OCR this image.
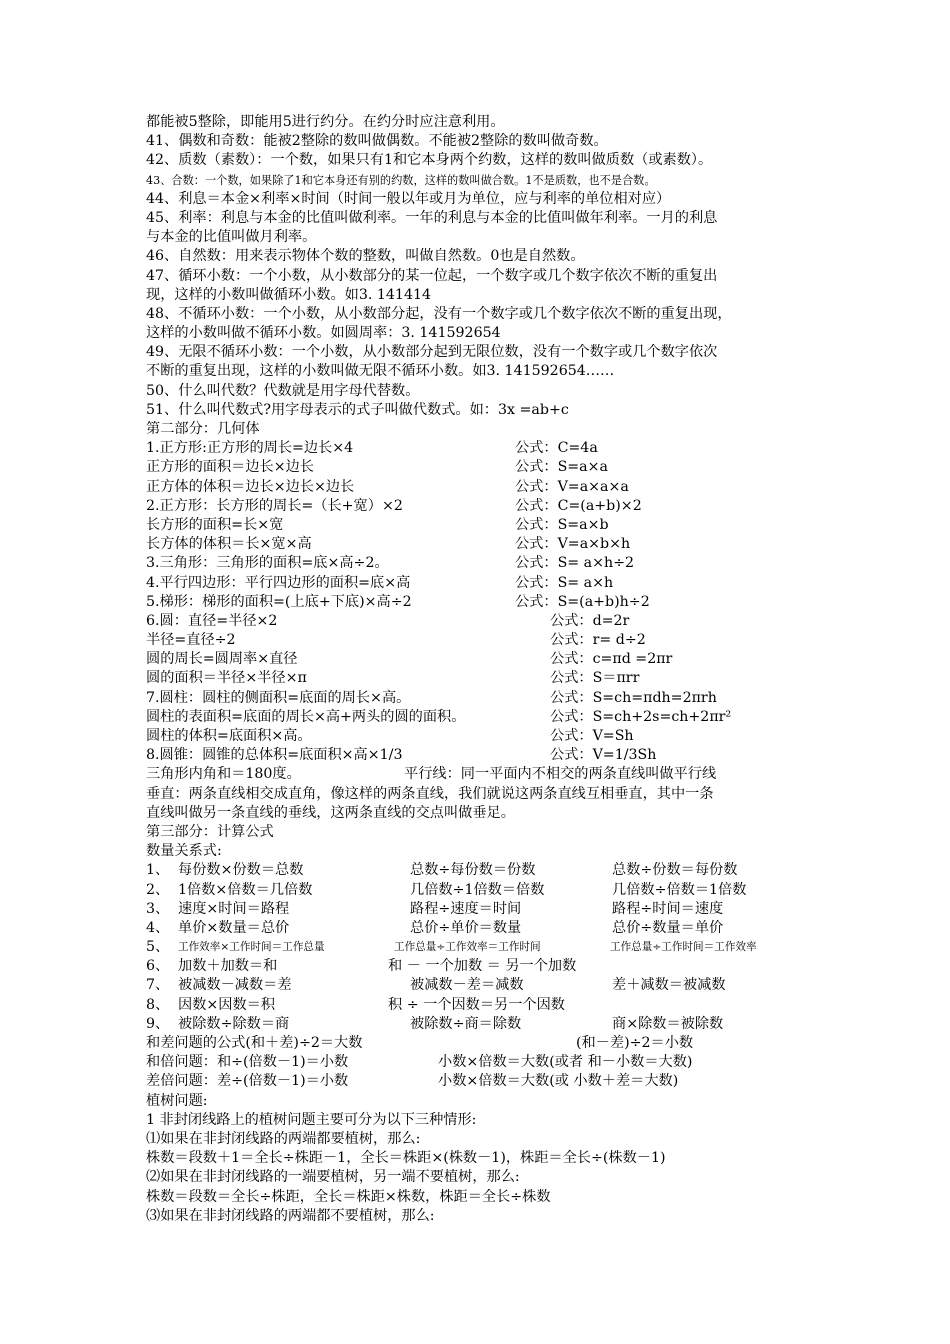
都能被5整除，即能用5进行约分。在约分时应注意利用。
41、偶数和奇数：能被2整除的数叫做偶数。不能被2整除的数叫做奇数。
42、质数（素数）：一个数，如果只有1和它本身两个约数，这样的数叫做质数（或素数）。
43、合数：一个数，如果除了1和它本身还有别的约数，这样的数叫做合数。1不是质数，也不是合数。
44、利息＝本金×利率×时间（时间一般以年或月为单位，应与利率的单位相对应）
45、利率：利息与本金的比值叫做利率。一年的利息与本金的比值叫做年利率。一月的利息
与本金的比值叫做月利率。
46、自然数：用来表示物体个数的整数，叫做自然数。0也是自然数。
47、循环小数：一个小数，从小数部分的某一位起，一个数字或几个数字依次不断的重复出
现，这样的小数叫做循环小数。如3. 141414
48、不循环小数：一个小数，从小数部分起，没有一个数字或几个数字依次不断的重复出现，
这样的小数叫做不循环小数。如圆周率：3. 141592654
49、无限不循环小数：一个小数，从小数部分起到无限位数，没有一个数字或几个数字依次
不断的重复出现，这样的小数叫做无限不循环小数。如3. 141592654……
50、什么叫代数？代数就是用字母代替数。
51、什么叫代数式?用字母表示的式子叫做代数式。如：3x =ab+c
第二部分：几何体
1.正方形:正方形的周长=边长×4	公式：C=4a
正方形的面积＝边长×边长	公式：S=a×a
正方体的体积＝边长×边长×边长	公式：V=a×a×a
2.正方形：长方形的周长=（长+宽）×2	公式：C=(a+b)×2
长方形的面积=长×宽	公式：S=a×b
长方体的体积＝长×宽×高	公式：V=a×b×h
3.三角形：三角形的面积=底×高÷2。	公式：S= a×h÷2
4.平行四边形：平行四边形的面积=底×高	公式：S= a×h
5.梯形：梯形的面积=(上底+下底)×高÷2	公式：S=(a+b)h÷2
6.圆：直径=半径×2	公式：d=2r
半径=直径÷2	公式：r= d÷2
圆的周长=圆周率×直径	公式：c=πd =2πr
圆的面积＝半径×半径×π	公式：S＝πrr
7.圆柱：圆柱的侧面积=底面的周长×高。	公式：S=ch=πdh=2πrh
圆柱的表面积=底面的周长×高+两头的圆的面积。	公式：S=ch+2s=ch+2πr²
圆柱的体积=底面积×高。	公式：V=Sh
8.圆锥：圆锥的总体积=底面积×高×1/3	公式：V=1/3Sh
三角形内角和＝180度。	平行线：同一平面内不相交的两条直线叫做平行线
垂直：两条直线相交成直角，像这样的两条直线，我们就说这两条直线互相垂直，其中一条
直线叫做另一条直线的垂线，这两条直线的交点叫做垂足。
第三部分：计算公式
数量关系式:
1、 每份数×份数＝总数	总数÷每份数＝份数	总数÷份数＝每份数
2、 1倍数×倍数＝几倍数	几倍数÷1倍数＝倍数	几倍数÷倍数＝1倍数
3、 速度×时间＝路程	路程÷速度＝时间	路程÷时间＝速度
4、 单价×数量＝总价	总价÷单价＝数量	总价÷数量＝单价
5、 工作效率×工作时间＝工作总量	工作总量÷工作效率＝工作时间	工作总量÷工作时间＝工作效率
6、 加数＋加数＝和	和 － 一个加数 ＝ 另一个加数
7、 被减数－减数＝差	被减数－差＝减数	差＋减数＝被减数
8、 因数×因数＝积	积 ÷ 一个因数＝另一个因数
9、 被除数÷除数＝商	被除数÷商＝除数	商×除数＝被除数
和差问题的公式(和＋差)÷2＝大数	(和－差)÷2＝小数
和倍问题：和÷(倍数－1)＝小数	小数×倍数＝大数(或者 和－小数＝大数)
差倍问题：差÷(倍数－1)＝小数	小数×倍数＝大数(或 小数＋差＝大数)
植树问题:
1 非封闭线路上的植树问题主要可分为以下三种情形:
⑴如果在非封闭线路的两端都要植树，那么:
株数＝段数＋1＝全长÷株距－1，全长＝株距×(株数－1)，株距＝全长÷(株数－1)
⑵如果在非封闭线路的一端要植树，另一端不要植树，那么:
株数＝段数＝全长÷株距，全长＝株距×株数，株距＝全长÷株数
⑶如果在非封闭线路的两端都不要植树，那么:
